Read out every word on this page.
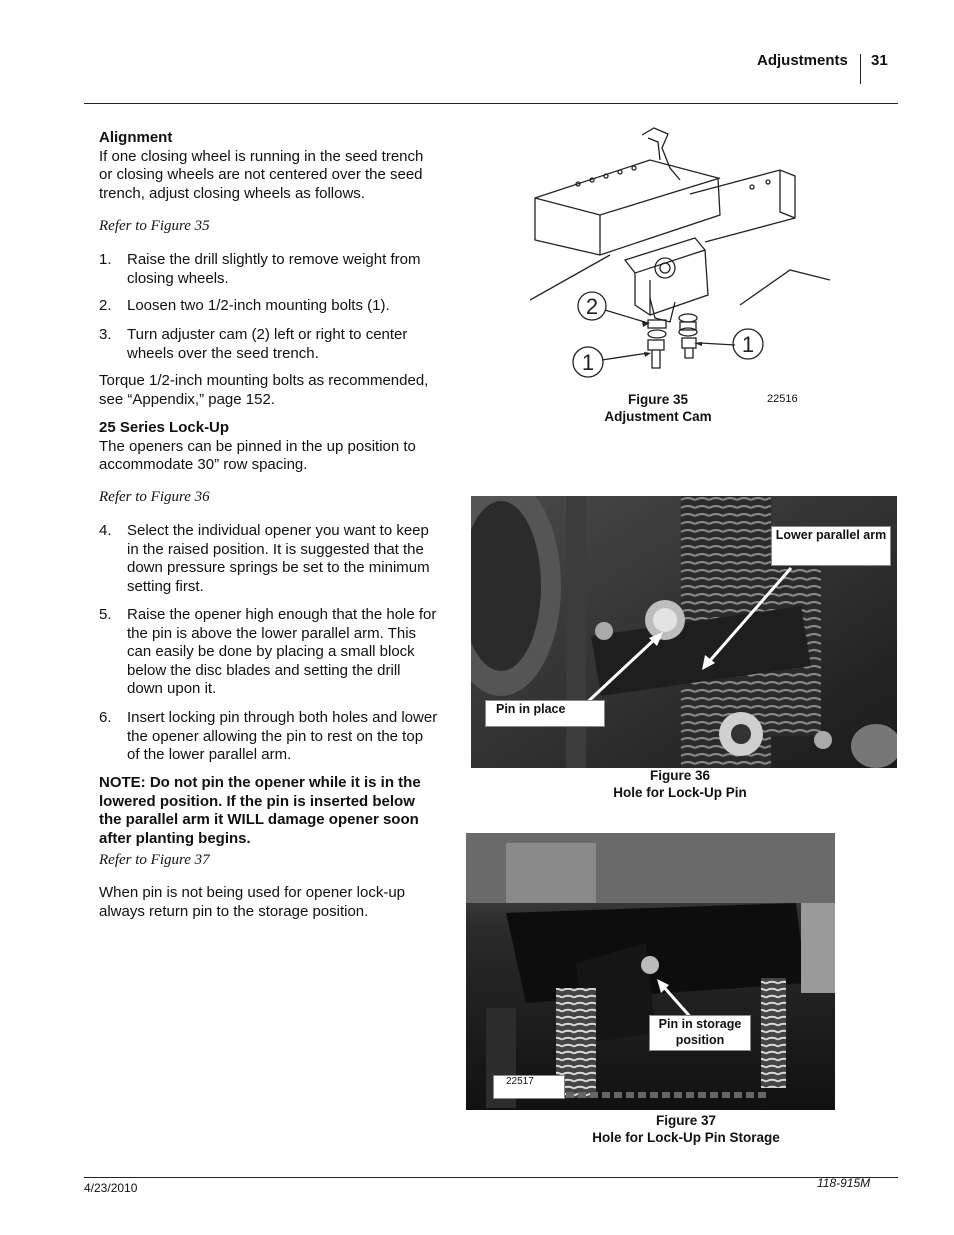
Adjustments 31
Alignment
If one closing wheel is running in the seed trench or closing wheels are not centered over the seed trench, adjust closing wheels as follows.
Refer to Figure 35
1. Raise the drill slightly to remove weight from closing wheels.
2. Loosen two 1/2-inch mounting bolts (1).
3. Turn adjuster cam (2) left or right to center wheels over the seed trench.
Torque 1/2-inch mounting bolts as recommended, see “Appendix,” page 152.
25 Series Lock-Up
The openers can be pinned in the up position to accommodate 30” row spacing.
Refer to Figure 36
4. Select the individual opener you want to keep in the raised position. It is suggested that the down pressure springs be set to the minimum setting first.
5. Raise the opener high enough that the hole for the pin is above the lower parallel arm. This can easily be done by placing a small block below the disc blades and setting the drill down upon it.
6. Insert locking pin through both holes and lower the opener allowing the pin to rest on the top of the lower parallel arm.
NOTE: Do not pin the opener while it is in the lowered position. If the pin is inserted below the parallel arm it WILL damage opener soon after planting begins.
Refer to Figure 37
When pin is not being used for opener lock-up always return pin to the storage position.
2
1
1
Figure 35
Adjustment Cam
22516
Lower parallel arm
Pin in place
Figure 36
Hole for Lock-Up Pin
Pin in storage position
22517
Figure 37
Hole for Lock-Up Pin Storage
4/23/2010	118-915M
